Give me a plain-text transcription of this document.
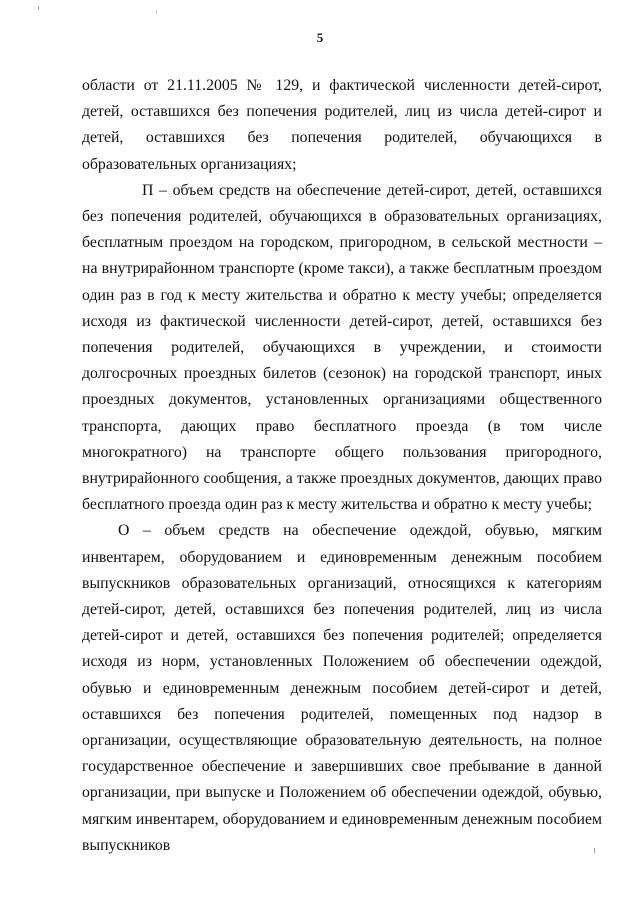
5

области от 21.11.2005 № 129, и фактической численности детей-сирот, детей, оставшихся без попечения родителей, лиц из числа детей-сирот и детей, оставшихся без попечения родителей, обучающихся в образовательных организациях;

П – объем средств на обеспечение детей-сирот, детей, оставшихся без попечения родителей, обучающихся в образовательных организациях, бесплатным проездом на городском, пригородном, в сельской местности – на внутрирайонном транспорте (кроме такси), а также бесплатным проездом один раз в год к месту жительства и обратно к месту учебы; определяется исходя из фактической численности детей-сирот, детей, оставшихся без попечения родителей, обучающихся в учреждении, и стоимости долгосрочных проездных билетов (сезонок) на городской транспорт, иных проездных документов, установленных организациями общественного транспорта, дающих право бесплатного проезда (в том числе многократного) на транспорте общего пользования пригородного, внутрирайонного сообщения, а также проездных документов, дающих право бесплатного проезда один раз к месту жительства и обратно к месту учебы;

О – объем средств на обеспечение одеждой, обувью, мягким инвентарем, оборудованием и единовременным денежным пособием выпускников образовательных организаций, относящихся к категориям детей-сирот, детей, оставшихся без попечения родителей, лиц из числа детей-сирот и детей, оставшихся без попечения родителей; определяется исходя из норм, установленных Положением об обеспечении одеждой, обувью и единовременным денежным пособием детей-сирот и детей, оставшихся без попечения родителей, помещенных под надзор в организации, осуществляющие образовательную деятельность, на полное государственное обеспечение и завершивших свое пребывание в данной организации, при выпуске и Положением об обеспечении одеждой, обувью, мягким инвентарем, оборудованием и единовременным денежным пособием выпускников
